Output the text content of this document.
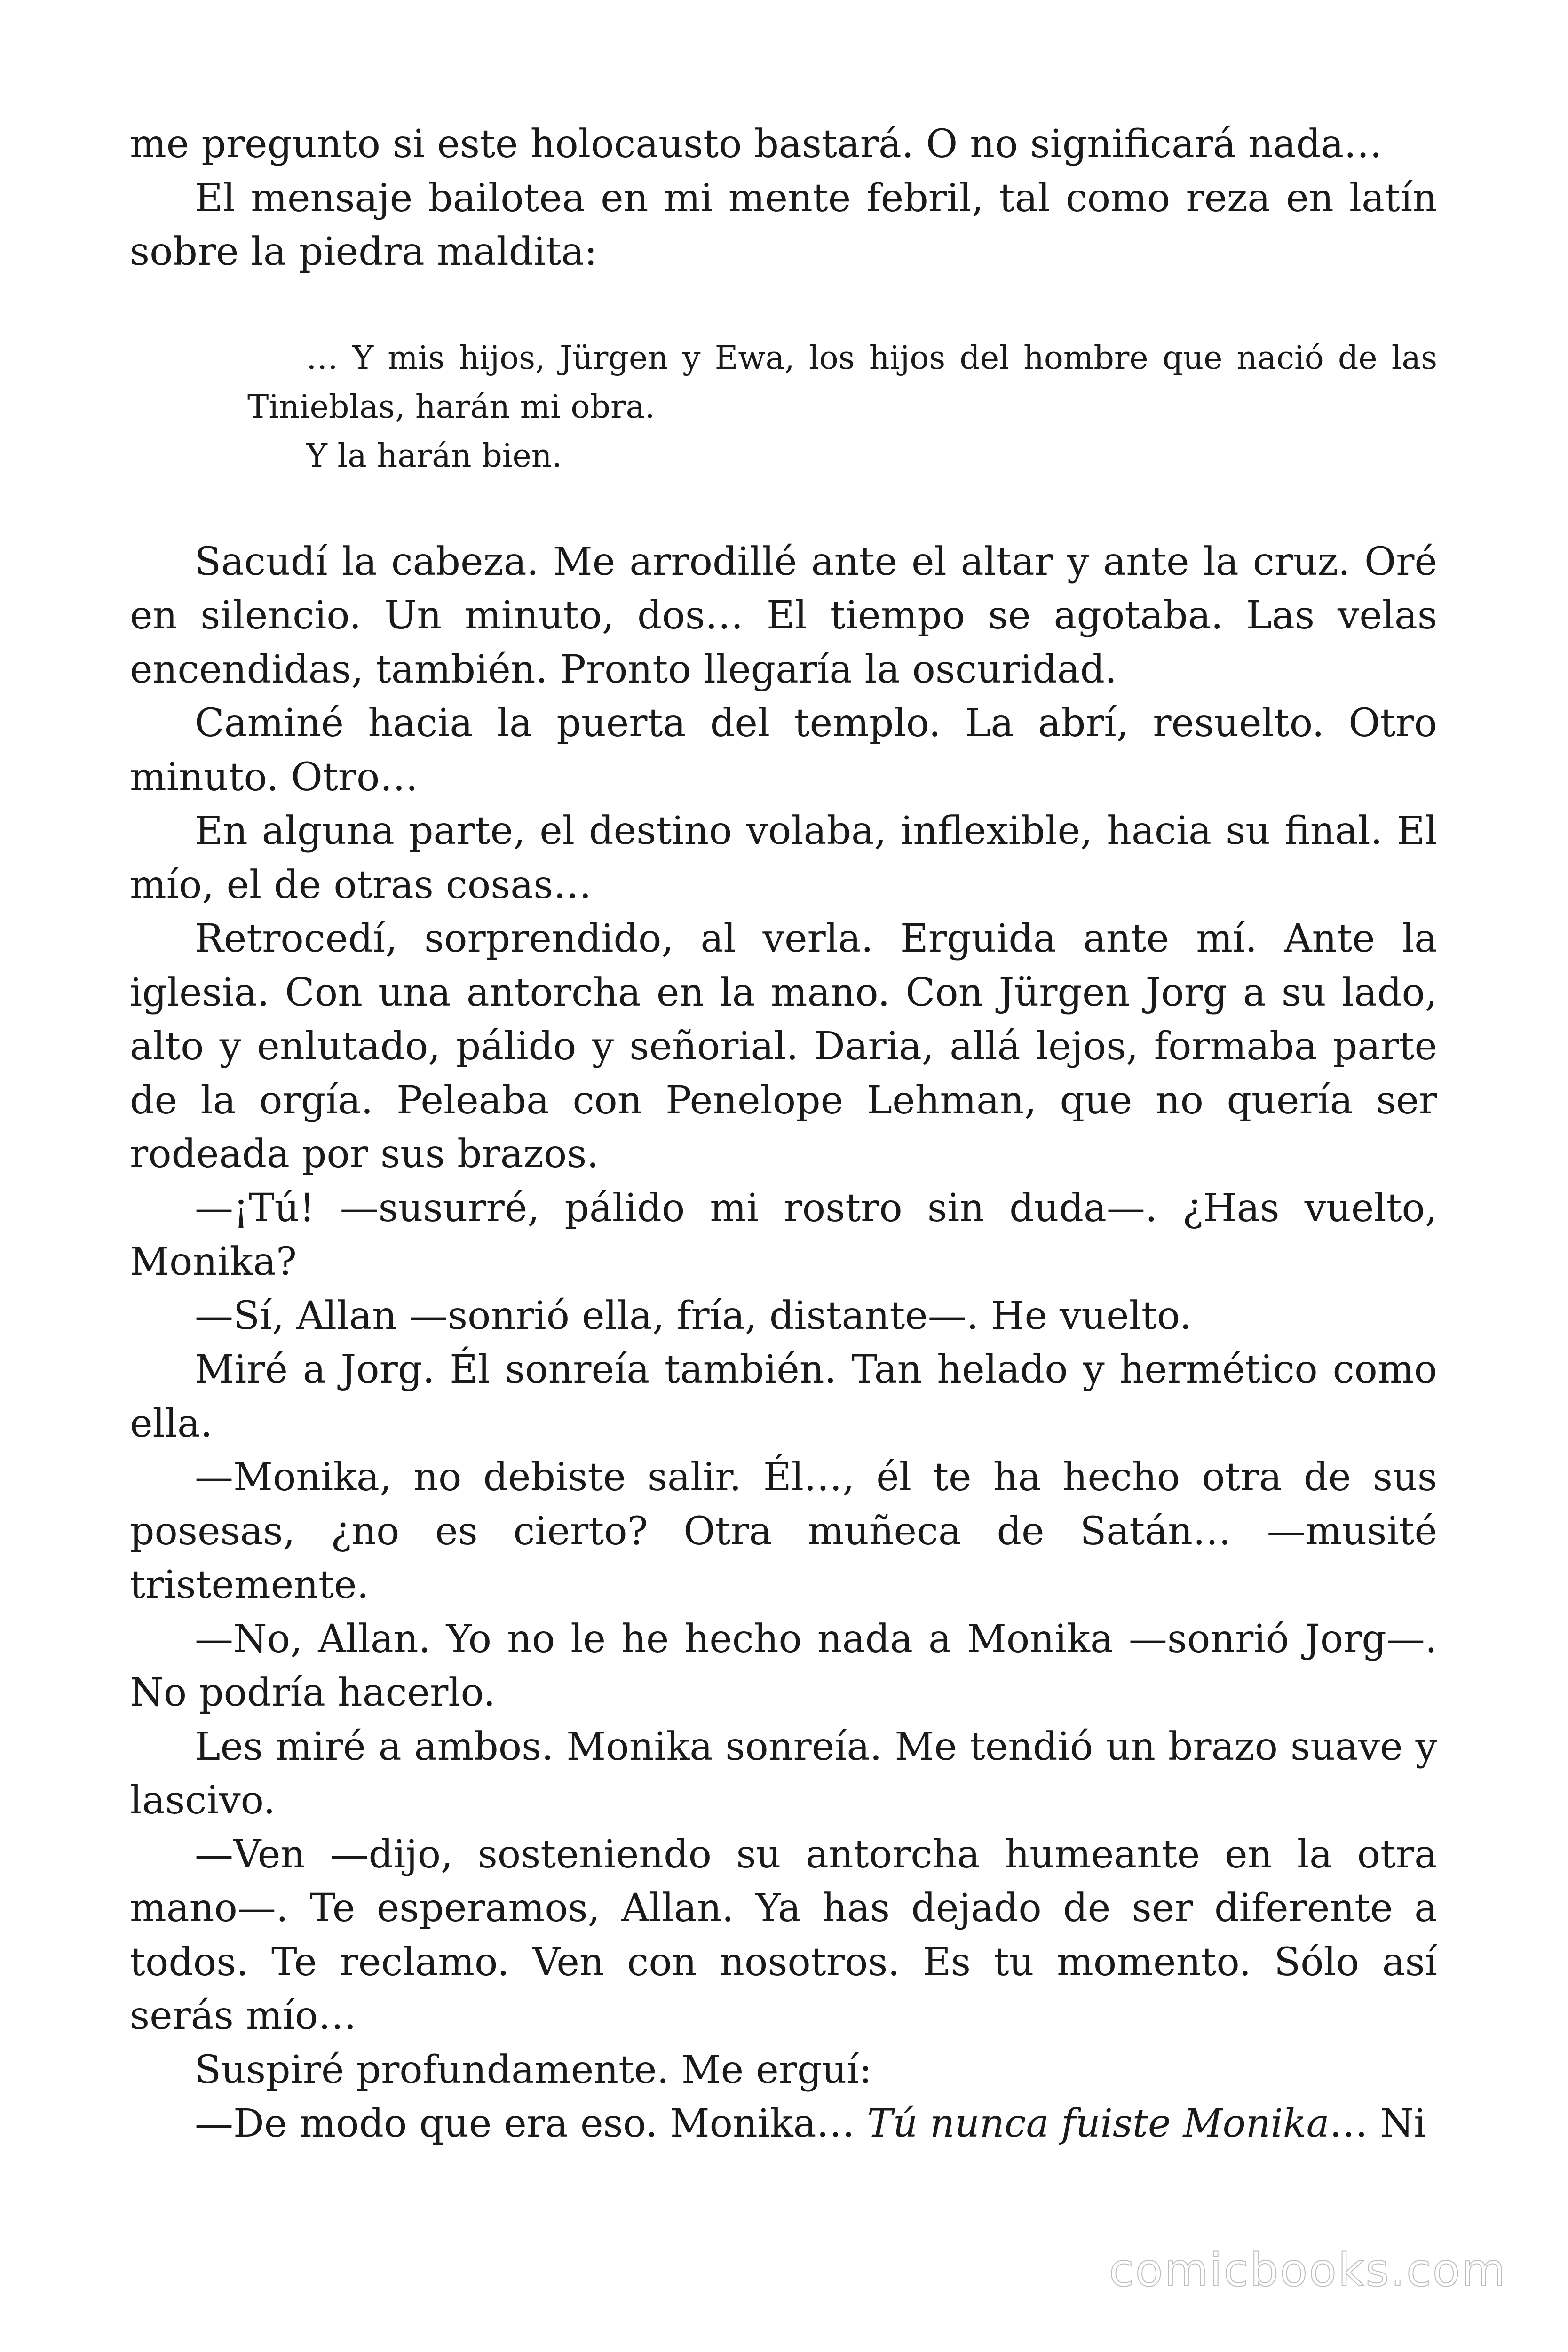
me pregunto si este holocausto bastará. O no significará nada…

El mensaje bailotea en mi mente febril, tal como reza en latín sobre la piedra maldita:

… Y mis hijos, Jürgen y Ewa, los hijos del hombre que nació de las Tinieblas, harán mi obra.

Y la harán bien.

Sacudí la cabeza. Me arrodillé ante el altar y ante la cruz. Oré en silencio. Un minuto, dos… El tiempo se agotaba. Las velas encendidas, también. Pronto llegaría la oscuridad.

Caminé hacia la puerta del templo. La abrí, resuelto. Otro minuto. Otro…

En alguna parte, el destino volaba, inflexible, hacia su final. El mío, el de otras cosas…

Retrocedí, sorprendido, al verla. Erguida ante mí. Ante la iglesia. Con una antorcha en la mano. Con Jürgen Jorg a su lado, alto y enlutado, pálido y señorial. Daria, allá lejos, formaba parte de la orgía. Peleaba con Penelope Lehman, que no quería ser rodeada por sus brazos.

—¡Tú! —susurré, pálido mi rostro sin duda—. ¿Has vuelto, Monika?

—Sí, Allan —sonrió ella, fría, distante—. He vuelto.

Miré a Jorg. Él sonreía también. Tan helado y hermético como ella.

—Monika, no debiste salir. Él…, él te ha hecho otra de sus posesas, ¿no es cierto? Otra muñeca de Satán… —musité tristemente.

—No, Allan. Yo no le he hecho nada a Monika —sonrió Jorg—. No podría hacerlo.

Les miré a ambos. Monika sonreía. Me tendió un brazo suave y lascivo.

—Ven —dijo, sosteniendo su antorcha humeante en la otra mano—. Te esperamos, Allan. Ya has dejado de ser diferente a todos. Te reclamo. Ven con nosotros. Es tu momento. Sólo así serás mío…

Suspiré profundamente. Me erguí:

—De modo que era eso. Monika… Tú nunca fuiste Monika… Ni

comicbooks.com
